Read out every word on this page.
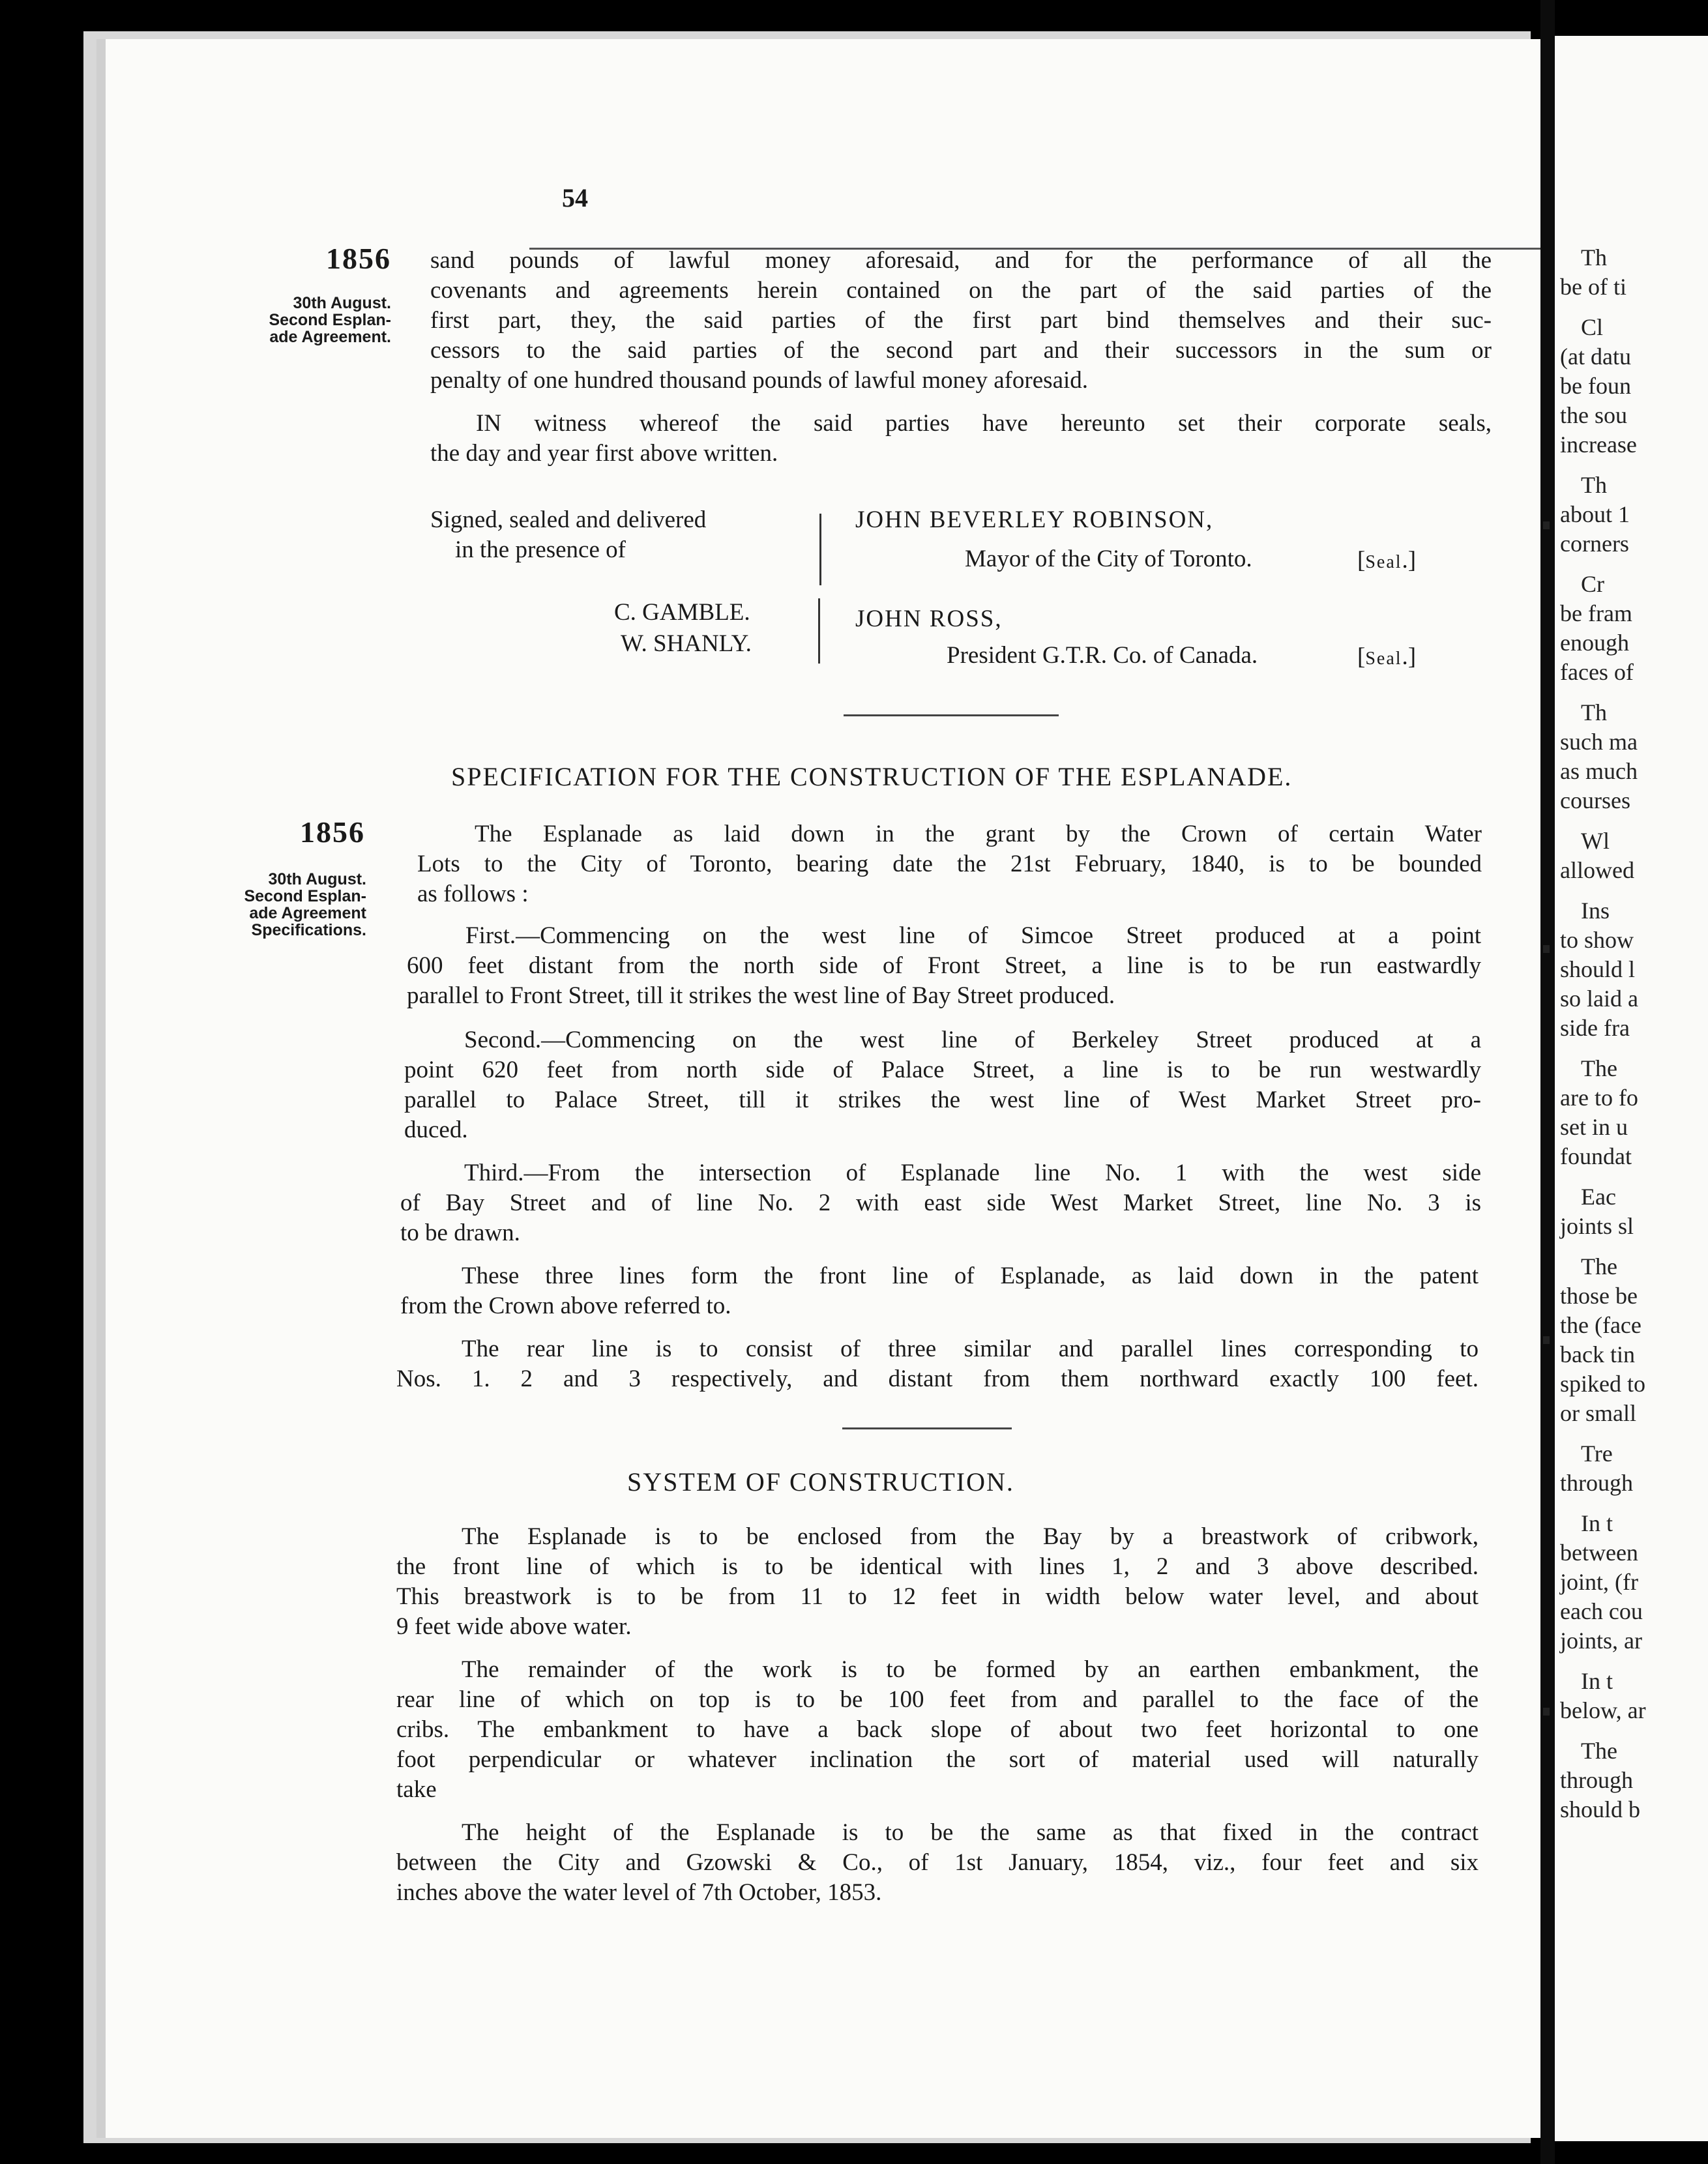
54
1856
30th August.
Second Esplan-
ade Agreement.
sand pounds of lawful money aforesaid, and for the performance of all the
covenants and agreements herein contained on the part of the said parties of the
first part, they, the said parties of the first part bind themselves and their suc-
cessors to the said parties of the second part and their successors in the sum or
penalty of one hundred thousand pounds of lawful money aforesaid.
IN witness whereof the said parties have hereunto set their corporate seals,
the day and year first above written.
Signed, sealed and delivered
in the presence of
C. GAMBLE.
W. SHANLY.
JOHN BEVERLEY ROBINSON,
Mayor of the City of Toronto.	[Seal.]
JOHN ROSS,
President G.T.R. Co. of Canada.	[Seal.]
SPECIFICATION FOR THE CONSTRUCTION OF THE ESPLANADE.
1856
30th August.
Second Esplan-
ade Agreement
Specifications.
The Esplanade as laid down in the grant by the Crown of certain Water
Lots to the City of Toronto, bearing date the 21st February, 1840, is to be bounded
as follows :
First.—Commencing on the west line of Simcoe Street produced at a point
600 feet distant from the north side of Front Street, a line is to be run eastwardly
parallel to Front Street, till it strikes the west line of Bay Street produced.
Second.—Commencing on the west line of Berkeley Street produced at a
point 620 feet from north side of Palace Street, a line is to be run westwardly
parallel to Palace Street, till it strikes the west line of West Market Street pro-
duced.
Third.—From the intersection of Esplanade line No. 1 with the west side
of Bay Street and of line No. 2 with east side West Market Street, line No. 3 is
to be drawn.
These three lines form the front line of Esplanade, as laid down in the patent
from the Crown above referred to.
The rear line is to consist of three similar and parallel lines corresponding to
Nos. 1. 2 and 3 respectively, and distant from them northward exactly 100 feet.
SYSTEM OF CONSTRUCTION.
The Esplanade is to be enclosed from the Bay by a breastwork of cribwork,
the front line of which is to be identical with lines 1, 2 and 3 above described.
This breastwork is to be from 11 to 12 feet in width below water level, and about
9 feet wide above water.
The remainder of the work is to be formed by an earthen embankment, the
rear line of which on top is to be 100 feet from and parallel to the face of the
cribs. The embankment to have a back slope of about two feet horizontal to one
foot perpendicular or whatever inclination the sort of material used will naturally
take
The height of the Esplanade is to be the same as that fixed in the contract
between the City and Gzowski & Co., of 1st January, 1854, viz., four feet and six
inches above the water level of 7th October, 1853.
Th
be of ti
Cl
(at datu
be foun
the sou
increase
Th
about 1
corners
Cr
be fram
enough
faces of
Th
such ma
as much
courses
Wl
allowed
Ins
to show
should l
so laid a
side fra
The
are to fo
set in u
foundat
Eac
joints sl
The
those be
the (face
back tin
spiked to
or small
Tre
through
In t
between
joint, (fr
each cou
joints, ar
In t
below, ar
The
through
should b
